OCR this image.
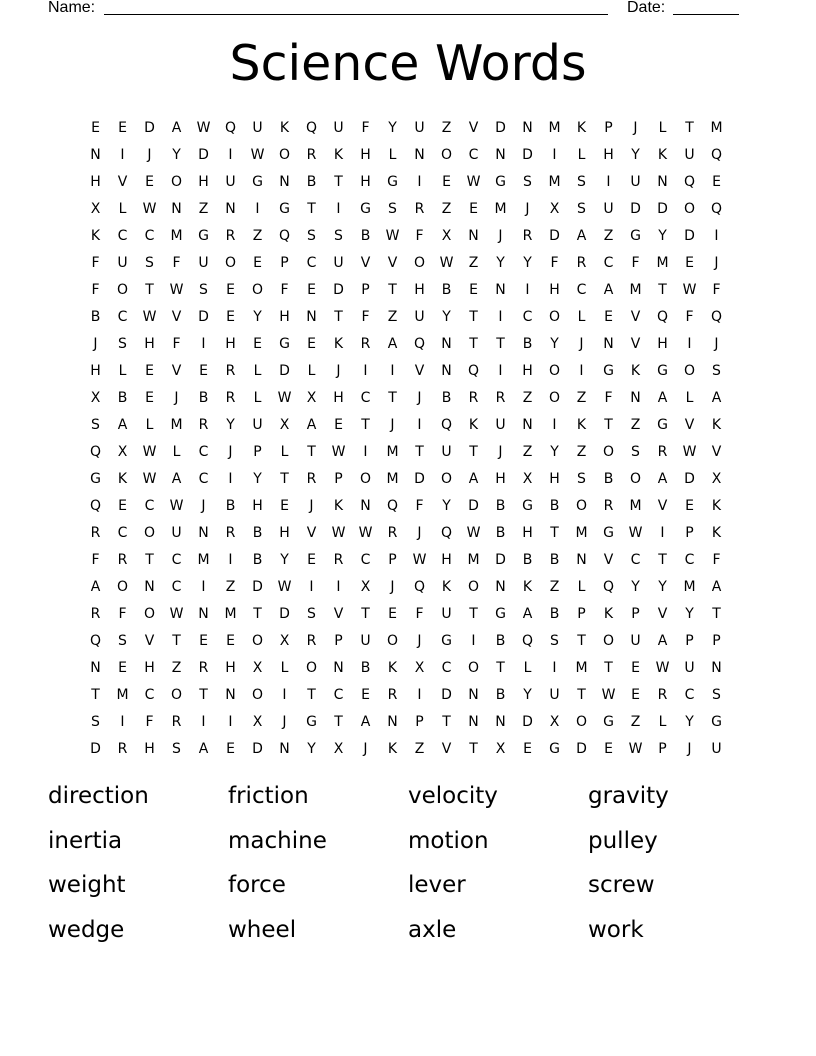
Name:	Date:
Science Words
E	E	D	A	W	Q	U	K	Q	U	F	Y	U	Z	V	D	N	M	K	P	J	L	T	M
N	I	J	Y	D	I	W	O	R	K	H	L	N	O	C	N	D	I	L	H	Y	K	U	Q
H	V	E	O	H	U	G	N	B	T	H	G	I	E	W	G	S	M	S	I	U	N	Q	E
X	L	W	N	Z	N	I	G	T	I	G	S	R	Z	E	M	J	X	S	U	D	D	O	Q
K	C	C	M	G	R	Z	Q	S	S	B	W	F	X	N	J	R	D	A	Z	G	Y	D	I
F	U	S	F	U	O	E	P	C	U	V	V	O	W	Z	Y	Y	F	R	C	F	M	E	J
F	O	T	W	S	E	O	F	E	D	P	T	H	B	E	N	I	H	C	A	M	T	W	F
B	C	W	V	D	E	Y	H	N	T	F	Z	U	Y	T	I	C	O	L	E	V	Q	F	Q
J	S	H	F	I	H	E	G	E	K	R	A	Q	N	T	T	B	Y	J	N	V	H	I	J
H	L	E	V	E	R	L	D	L	J	I	I	V	N	Q	I	H	O	I	G	K	G	O	S
X	B	E	J	B	R	L	W	X	H	C	T	J	B	R	R	Z	O	Z	F	N	A	L	A
S	A	L	M	R	Y	U	X	A	E	T	J	I	Q	K	U	N	I	K	T	Z	G	V	K
Q	X	W	L	C	J	P	L	T	W	I	M	T	U	T	J	Z	Y	Z	O	S	R	W	V
G	K	W	A	C	I	Y	T	R	P	O	M	D	O	A	H	X	H	S	B	O	A	D	X
Q	E	C	W	J	B	H	E	J	K	N	Q	F	Y	D	B	G	B	O	R	M	V	E	K
R	C	O	U	N	R	B	H	V	W W	R	J	Q	W	B	H	T	M	G	W	I	P	K
F	R	T	C	M	I	B	Y	E	R	C	P	W	H	M	D	B	B	N	V	C	T	C	F
A	O	N	C	I	Z	D	W	I	I	X	J	Q	K	O	N	K	Z	L	Q	Y	Y	M	A
R	F	O	W	N	M	T	D	S	V	T	E	F	U	T	G	A	B	P	K	P	V	Y	T
Q	S	V	T	E	E	O	X	R	P	U	O	J	G	I	B	Q	S	T	O	U	A	P	P
N	E	H	Z	R	H	X	L	O	N	B	K	X	C	O	T	L	I	M	T	E	W	U	N
T	M	C	O	T	N	O	I	T	C	E	R	I	D	N	B	Y	U	T	W	E	R	C	S
S	I	F	R	I	I	X	J	G	T	A	N	P	T	N	N	D	X	O	G	Z	L	Y	G
D	R	H	S	A	E	D	N	Y	X	J	K	Z	V	T	X	E	G	D	E	W	P	J	U
direction	friction	velocity	gravity
inertia	machine	motion	pulley
weight	force	lever	screw
wedge	wheel	axle	work
